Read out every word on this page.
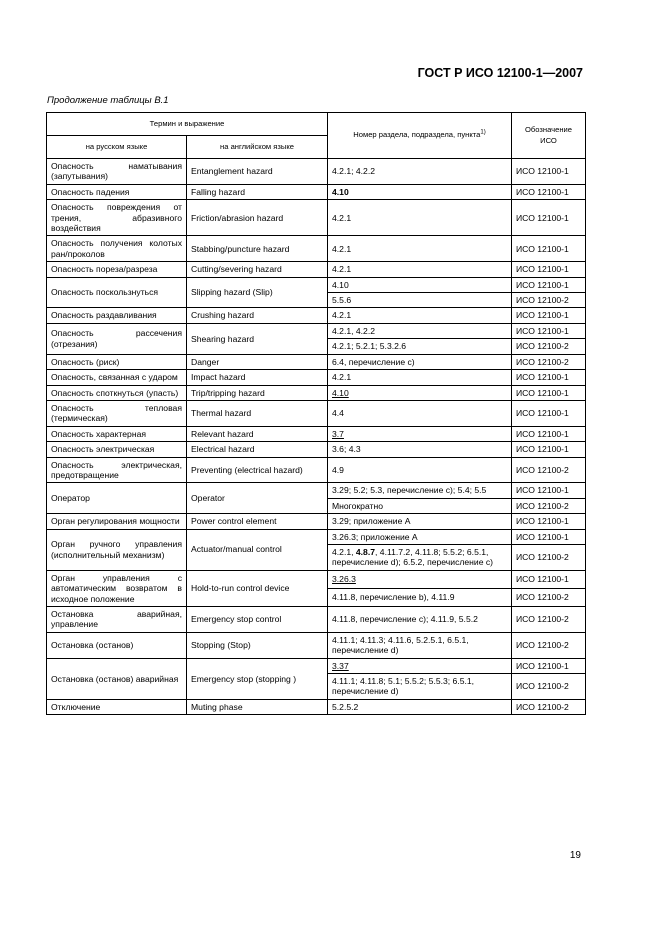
ГОСТ Р ИСО 12100-1—2007
Продолжение таблицы В.1
Термин и выражение		Номер раздела, подраздела, пункта$^{1)}$	Обозначение ИСО
на русском языке	на английском языке		
Опасность наматывания (запутывания)	Entanglement hazard	4.2.1; 4.2.2	ИСО 12100-1
Опасность падения	Falling hazard	4.10	ИСО 12100-1
Опасность повреждения от трения, абразивного воздействия	Friction/abrasion hazard	4.2.1	ИСО 12100-1
Опасность получения колотых ран/проколов	Stabbing/puncture hazard	4.2.1	ИСО 12100-1
Опасность пореза/разреза	Cutting/severing hazard	4.2.1	ИСО 12100-1
Опасность поскользнуться	Slipping hazard (Slip)	4.10	ИСО 12100-1
		5.5.6	ИСО 12100-2
Опасность раздавливания	Crushing hazard	4.2.1	ИСО 12100-1
Опасность рассечения (отрезания)	Shearing hazard	4.2.1, 4.2.2	ИСО 12100-1
		4.2.1; 5.2.1; 5.3.2.6	ИСО 12100-2
Опасность (риск)	Danger	6.4, перечисление с)	ИСО 12100-2
Опасность, связанная с ударом	Impact hazard	4.2.1	ИСО 12100-1
Опасность споткнуться (упасть)	Trip/tripping hazard	4.10	ИСО 12100-1
Опасность тепловая (термическая)	Thermal hazard	4.4	ИСО 12100-1
Опасность характерная	Relevant hazard	3.7	ИСО 12100-1
Опасность электрическая	Electrical hazard	3.6; 4.3	ИСО 12100-1
Опасность электрическая, предотвращение	Preventing (electrical hazard)	4.9	ИСО 12100-2
Оператор	Operator	3.29; 5.2; 5.3, перечисление с); 5.4; 5.5	ИСО 12100-1
		Многократно	ИСО 12100-2
Орган регулирования мощности	Power control element	3.29; приложение А	ИСО 12100-1
Орган ручного управления (исполнительный механизм)	Actuator/manual control	3.26.3; приложение А	ИСО 12100-1
		4.2.1, 4.8.7, 4.11.7.2, 4.11.8; 5.5.2; 6.5.1, перечисление d); 6.5.2, перечисление с)	ИСО 12100-2
Орган управления с автоматическим возвратом в исходное положение	Hold-to-run control device	3.26.3	ИСО 12100-1
		4.11.8, перечисление b), 4.11.9	ИСО 12100-2
Остановка аварийная, управление	Emergency stop control	4.11.8, перечисление с); 4.11.9, 5.5.2	ИСО 12100-2
Остановка (останов)	Stopping (Stop)	4.11.1; 4.11.3; 4.11.6, 5.2.5.1, 6.5.1, перечисление d)	ИСО 12100-2
Остановка (останов) аварийная	Emergency stop (stopping )	3.37	ИСО 12100-1
		4.11.1; 4.11.8; 5.1; 5.5.2; 5.5.3; 6.5.1, перечисление d)	ИСО 12100-2
Отключение	Muting phase	5.2.5.2	ИСО 12100-2
19
